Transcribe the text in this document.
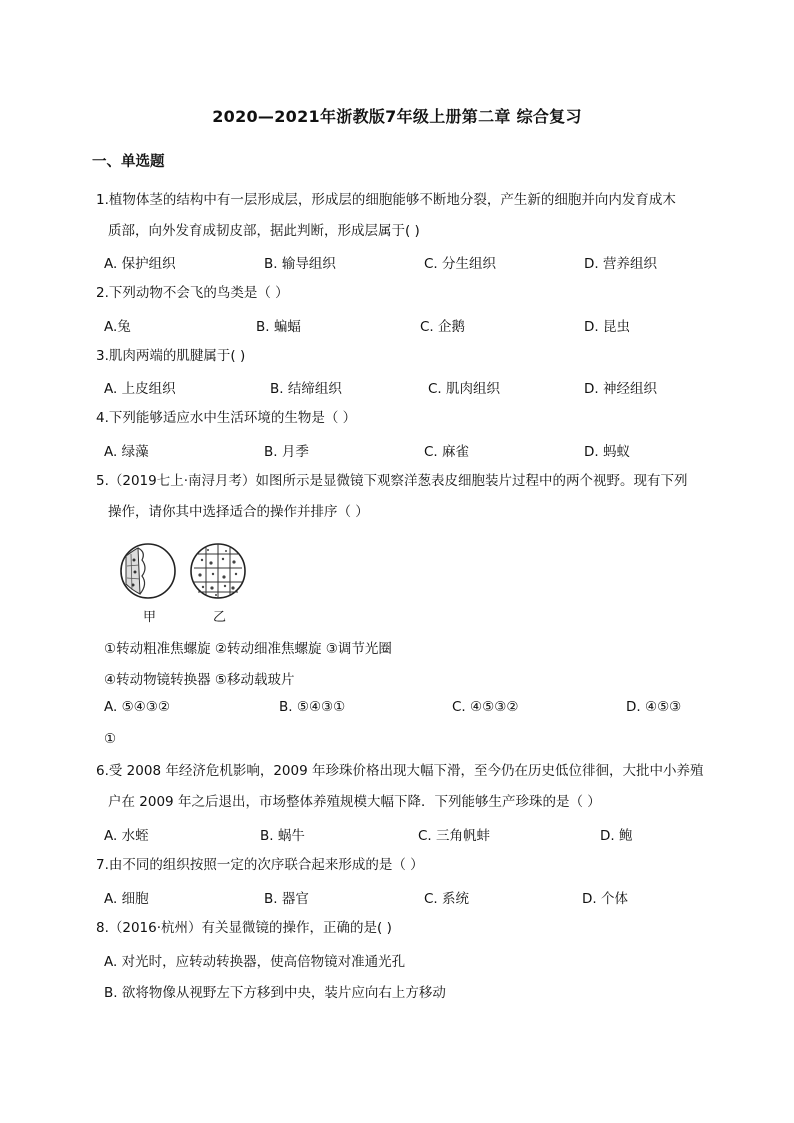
2020—2021年浙教版7年级上册第二章 综合复习
一、单选题
1.植物体茎的结构中有一层形成层，形成层的细胞能够不断地分裂，产生新的细胞并向内发育成木
质部，向外发育成韧皮部，据此判断，形成层属于( )
A. 保护组织	B. 输导组织	C. 分生组织	D. 营养组织
2.下列动物不会飞的鸟类是（ ）
A.兔	B. 蝙蝠	C. 企鹅	D. 昆虫
3.肌肉两端的肌腱属于( )
A. 上皮组织	B. 结缔组织	C. 肌肉组织	D. 神经组织
4.下列能够适应水中生活环境的生物是（ ）
A. 绿藻	B. 月季	C. 麻雀	D. 蚂蚁
5.（2019七上·南浔月考）如图所示是显微镜下观察洋葱表皮细胞装片过程中的两个视野。现有下列
操作，请你其中选择适合的操作并排序（ ）
甲	乙
①转动粗准焦螺旋 ②转动细准焦螺旋 ③调节光圈
④转动物镜转换器 ⑤移动载玻片
A. ⑤④③②	B. ⑤④③①	C. ④⑤③②	D. ④⑤③
①
6.受 2008 年经济危机影响，2009 年珍珠价格出现大幅下滑，至今仍在历史低位徘徊，大批中小养殖
户在 2009 年之后退出，市场整体养殖规模大幅下降．下列能够生产珍珠的是（ ）
A. 水蛭	B. 蜗牛	C. 三角帆蚌	D. 鲍
7.由不同的组织按照一定的次序联合起来形成的是（ ）
A. 细胞	B. 器官	C. 系统	D. 个体
8.（2016·杭州）有关显微镜的操作，正确的是( )
A. 对光时，应转动转换器，使高倍物镜对准通光孔
B. 欲将物像从视野左下方移到中央，装片应向右上方移动
